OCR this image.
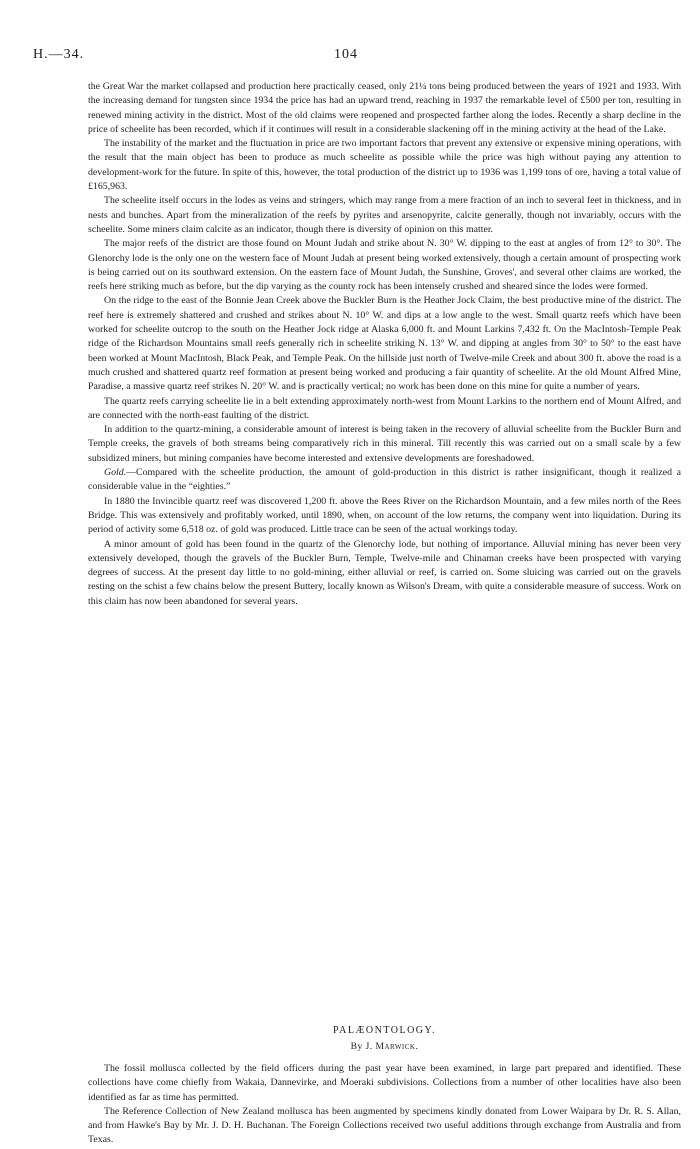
H.—34.	104

the Great War the market collapsed and production here practically ceased, only 21¼ tons being produced between the years of 1921 and 1933. With the increasing demand for tungsten since 1934 the price has had an upward trend, reaching in 1937 the remarkable level of £500 per ton, resulting in renewed mining activity in the district. Most of the old claims were reopened and prospected farther along the lodes. Recently a sharp decline in the price of scheelite has been recorded, which if it continues will result in a considerable slackening off in the mining activity at the head of the Lake.

The instability of the market and the fluctuation in price are two important factors that prevent any extensive or expensive mining operations, with the result that the main object has been to produce as much scheelite as possible while the price was high without paying any attention to development-work for the future. In spite of this, however, the total production of the district up to 1936 was 1,199 tons of ore, having a total value of £165,963.

The scheelite itself occurs in the lodes as veins and stringers, which may range from a mere fraction of an inch to several feet in thickness, and in nests and bunches. Apart from the mineralization of the reefs by pyrites and arsenopyrite, calcite generally, though not invariably, occurs with the scheelite. Some miners claim calcite as an indicator, though there is diversity of opinion on this matter.

The major reefs of the district are those found on Mount Judah and strike about N. 30° W. dipping to the east at angles of from 12° to 30°. The Glenorchy lode is the only one on the western face of Mount Judah at present being worked extensively, though a certain amount of prospecting work is being carried out on its southward extension. On the eastern face of Mount Judah, the Sunshine, Groves', and several other claims are worked, the reefs here striking much as before, but the dip varying as the county rock has been intensely crushed and sheared since the lodes were formed.

On the ridge to the east of the Bonnie Jean Creek above the Buckler Burn is the Heather Jock Claim, the best productive mine of the district. The reef here is extremely shattered and crushed and strikes about N. 10° W. and dips at a low angle to the west. Small quartz reefs which have been worked for scheelite outcrop to the south on the Heather Jock ridge at Alaska 6,000 ft. and Mount Larkins 7,432 ft. On the MacIntosh-Temple Peak ridge of the Richardson Mountains small reefs generally rich in scheelite striking N. 13° W. and dipping at angles from 30° to 50° to the east have been worked at Mount MacIntosh, Black Peak, and Temple Peak. On the hillside just north of Twelve-mile Creek and about 300 ft. above the road is a much crushed and shattered quartz reef formation at present being worked and producing a fair quantity of scheelite. At the old Mount Alfred Mine, Paradise, a massive quartz reef strikes N. 20° W. and is practically vertical; no work has been done on this mine for quite a number of years.

The quartz reefs carrying scheelite lie in a belt extending approximately north-west from Mount Larkins to the northern end of Mount Alfred, and are connected with the north-east faulting of the district.

In addition to the quartz-mining, a considerable amount of interest is being taken in the recovery of alluvial scheelite from the Buckler Burn and Temple creeks, the gravels of both streams being comparatively rich in this mineral. Till recently this was carried out on a small scale by a few subsidized miners, but mining companies have become interested and extensive developments are foreshadowed.

Gold.—Compared with the scheelite production, the amount of gold-production in this district is rather insignificant, though it realized a considerable value in the “eighties.”

In 1880 the Invincible quartz reef was discovered 1,200 ft. above the Rees River on the Richardson Mountain, and a few miles north of the Rees Bridge. This was extensively and profitably worked, until 1890, when, on account of the low returns, the company went into liquidation. During its period of activity some 6,518 oz. of gold was produced. Little trace can be seen of the actual workings today.

A minor amount of gold has been found in the quartz of the Glenorchy lode, but nothing of importance. Alluvial mining has never been very extensively developed, though the gravels of the Buckler Burn, Temple, Twelve-mile and Chinaman creeks have been prospected with varying degrees of success. At the present day little to no gold-mining, either alluvial or reef, is carried on. Some sluicing was carried out on the gravels resting on the schist a few chains below the present Buttery, locally known as Wilson's Dream, with quite a considerable measure of success. Work on this claim has now been abandoned for several years.

PALÆONTOLOGY.
By J. Marwick.

The fossil mollusca collected by the field officers during the past year have been examined, in large part prepared and identified. These collections have come chiefly from Wakaia, Dannevirke, and Moeraki subdivisions. Collections from a number of other localities have also been identified as far as time has permitted.

The Reference Collection of New Zealand mollusca has been augmented by specimens kindly donated from Lower Waipara by Dr. R. S. Allan, and from Hawke's Bay by Mr. J. D. H. Buchanan. The Foreign Collections received two useful additions through exchange from Australia and from Texas.
